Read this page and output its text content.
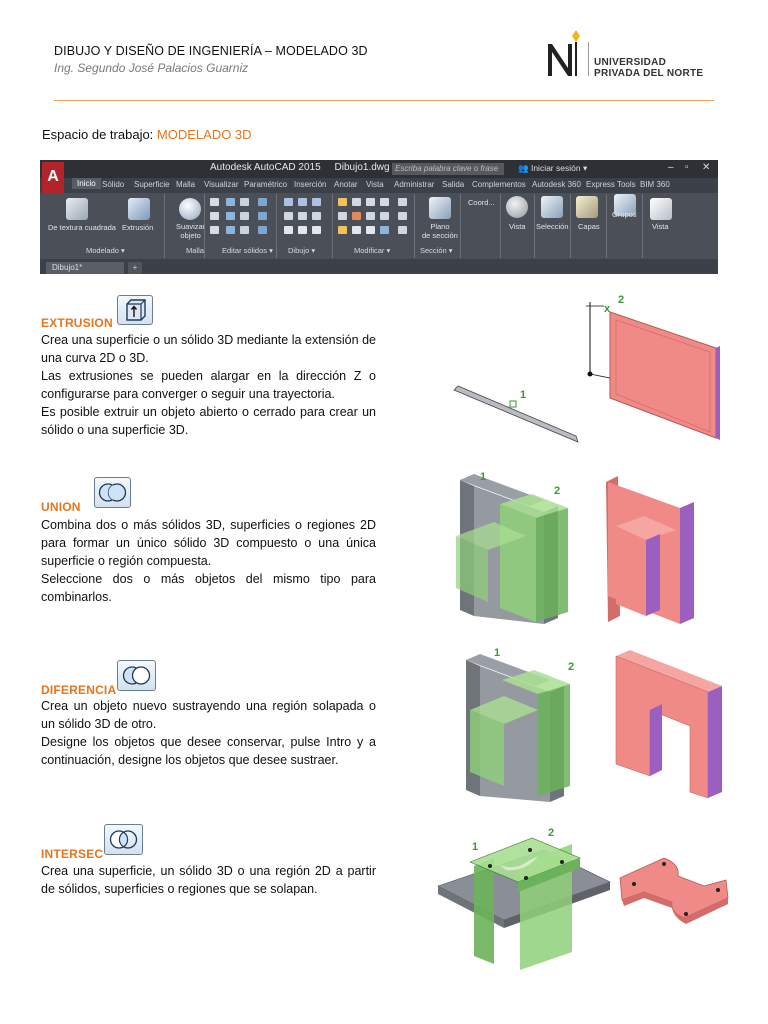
DIBUJO Y DISEÑO DE INGENIERÍA – MODELADO 3D
Ing. Segundo José Palacios Guarniz	UNIVERSIDAD
PRIVADA DEL NORTE
Espacio de trabajo: MODELADO 3D
A
Autodesk AutoCAD 2015 Dibujo1.dwg Escriba palabra clave o frase	👥 Iniciar sesión ▾	– ▫ ✕
Inicio Sólido Superficie Malla Visualizar Paramétrico Inserción Anotar Vista Administrar Salida Complementos Autodesk 360 Express Tools BIM 360
De textura cuadrada Extrusión	Suavizar
objeto
Plano
de sección
Coord...
Vista Selección Capas
Grupos
Vista
Modelado ▾	Malla Editar sólidos ▾ Dibujo ▾	Modificar ▾	Sección ▾
Dibujo1*	+
EXTRUSION

Crea una superficie o un sólido 3D mediante la extensión de una curva 2D o 3D.

Las extrusiones se pueden alargar en la dirección Z o configurarse para converger o seguir una trayectoria.

Es posible extruir un objeto abierto o cerrado para crear un sólido o una superficie 3D.

1
x
2
UNION

Combina dos o más sólidos 3D, superficies o regiones 2D para formar un único sólido 3D compuesto o una única superficie o región compuesta.

Seleccione dos o más objetos del mismo tipo para combinarlos.

1
2
DIFERENCIA

Crea un objeto nuevo sustrayendo una región solapada o un sólido 3D de otro.

Designe los objetos que desee conservar, pulse Intro y a continuación, designe los objetos que desee sustraer.

1
2
INTERSEC

Crea una superficie, un sólido 3D o una región 2D a partir de sólidos, superficies o regiones que se solapan.

1
2
